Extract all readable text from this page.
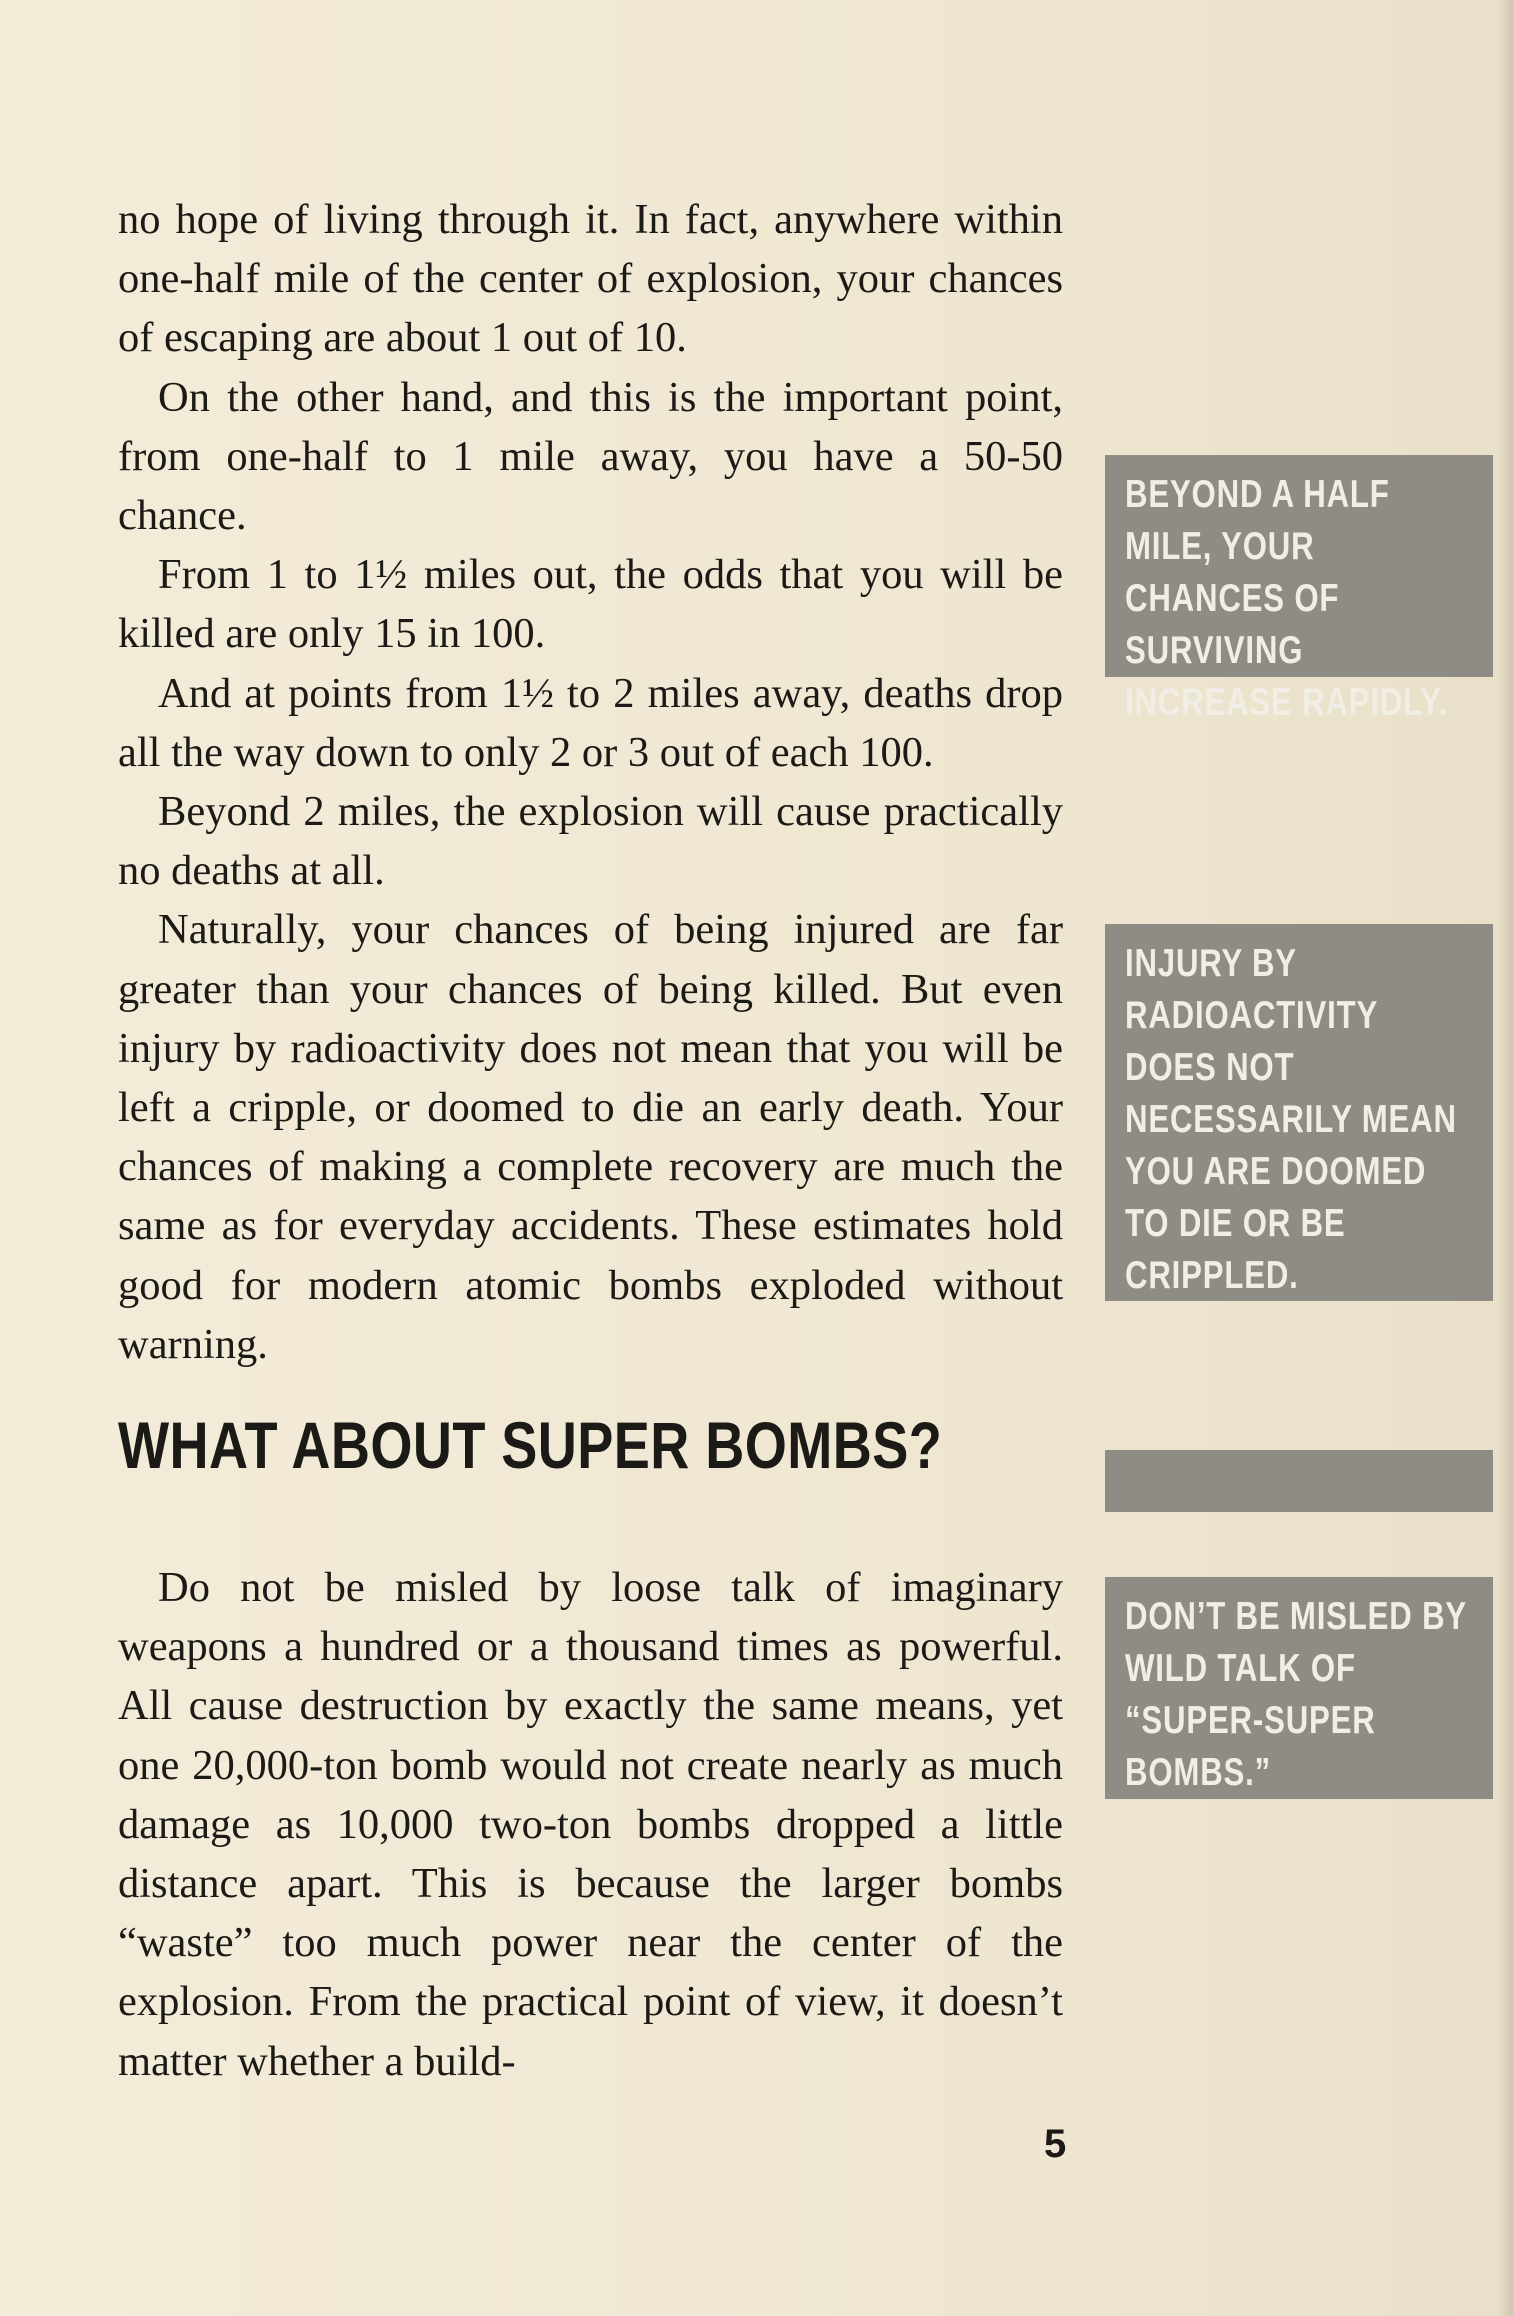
no hope of living through it. In fact, anywhere within one-half mile of the center of explosion, your chances of escaping are about 1 out of 10.

On the other hand, and this is the important point, from one-half to 1 mile away, you have a 50-50 chance.

From 1 to 1½ miles out, the odds that you will be killed are only 15 in 100.

And at points from 1½ to 2 miles away, deaths drop all the way down to only 2 or 3 out of each 100.

Beyond 2 miles, the explosion will cause practically no deaths at all.

Naturally, your chances of being injured are far greater than your chances of being killed. But even injury by radioactivity does not mean that you will be left a cripple, or doomed to die an early death. Your chances of making a complete recovery are much the same as for everyday accidents. These estimates hold good for modern atomic bombs exploded without warning.

WHAT ABOUT SUPER BOMBS?

Do not be misled by loose talk of imaginary weapons a hundred or a thousand times as powerful. All cause destruction by exactly the same means, yet one 20,000-ton bomb would not create nearly as much damage as 10,000 two-ton bombs dropped a little distance apart. This is because the larger bombs “waste” too much power near the center of the explosion. From the practical point of view, it doesn’t matter whether a build-

BEYOND A HALF MILE, YOUR CHANCES OF SURVIVING INCREASE RAPIDLY.
INJURY BY RADIOACTIVITY DOES NOT NECESSARILY MEAN YOU ARE DOOMED TO DIE OR BE CRIPPLED.
DON’T BE MISLED BY WILD TALK OF “SUPER-SUPER BOMBS.”
5
